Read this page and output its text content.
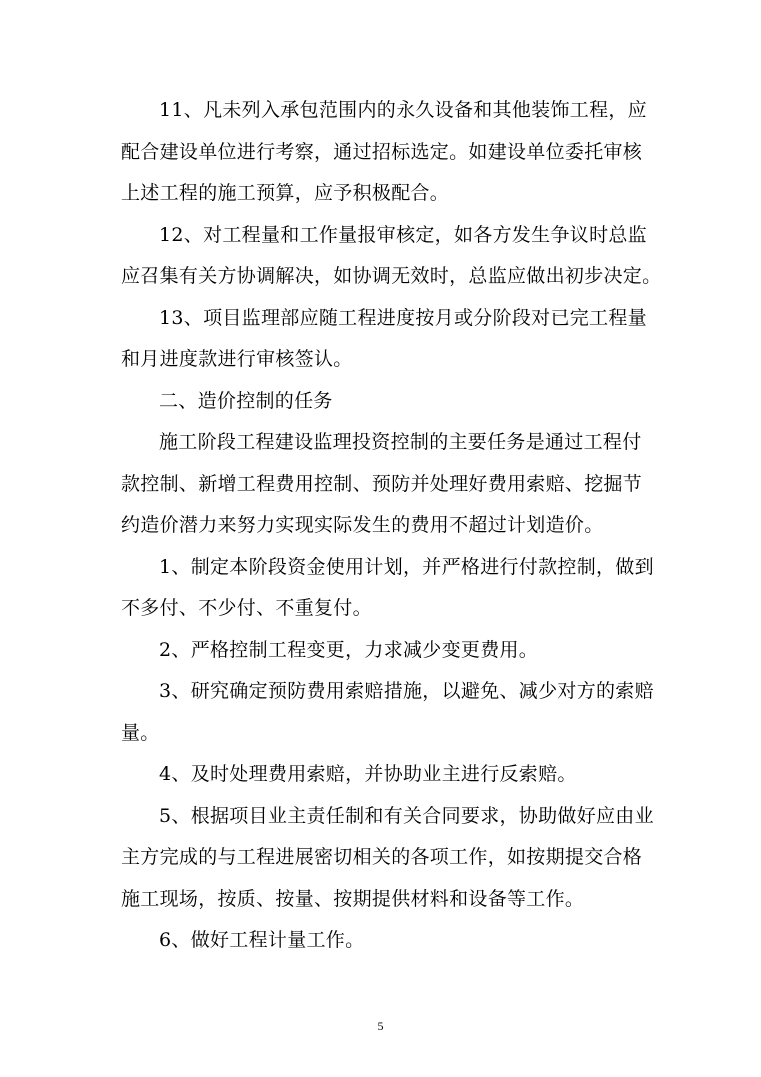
11、凡未列入承包范围内的永久设备和其他装饰工程，应
配合建设单位进行考察，通过招标选定。如建设单位委托审核
上述工程的施工预算，应予积极配合。

12、对工程量和工作量报审核定，如各方发生争议时总监
应召集有关方协调解决，如协调无效时，总监应做出初步决定。

13、项目监理部应随工程进度按月或分阶段对已完工程量
和月进度款进行审核签认。

二、造价控制的任务

施工阶段工程建设监理投资控制的主要任务是通过工程付
款控制、新增工程费用控制、预防并处理好费用索赔、挖掘节
约造价潜力来努力实现实际发生的费用不超过计划造价。

1、制定本阶段资金使用计划，并严格进行付款控制，做到
不多付、不少付、不重复付。

2、严格控制工程变更，力求减少变更费用。

3、研究确定预防费用索赔措施，以避免、减少对方的索赔
量。

4、及时处理费用索赔，并协助业主进行反索赔。

5、根据项目业主责任制和有关合同要求，协助做好应由业
主方完成的与工程进展密切相关的各项工作，如按期提交合格
施工现场，按质、按量、按期提供材料和设备等工作。

6、做好工程计量工作。

5
